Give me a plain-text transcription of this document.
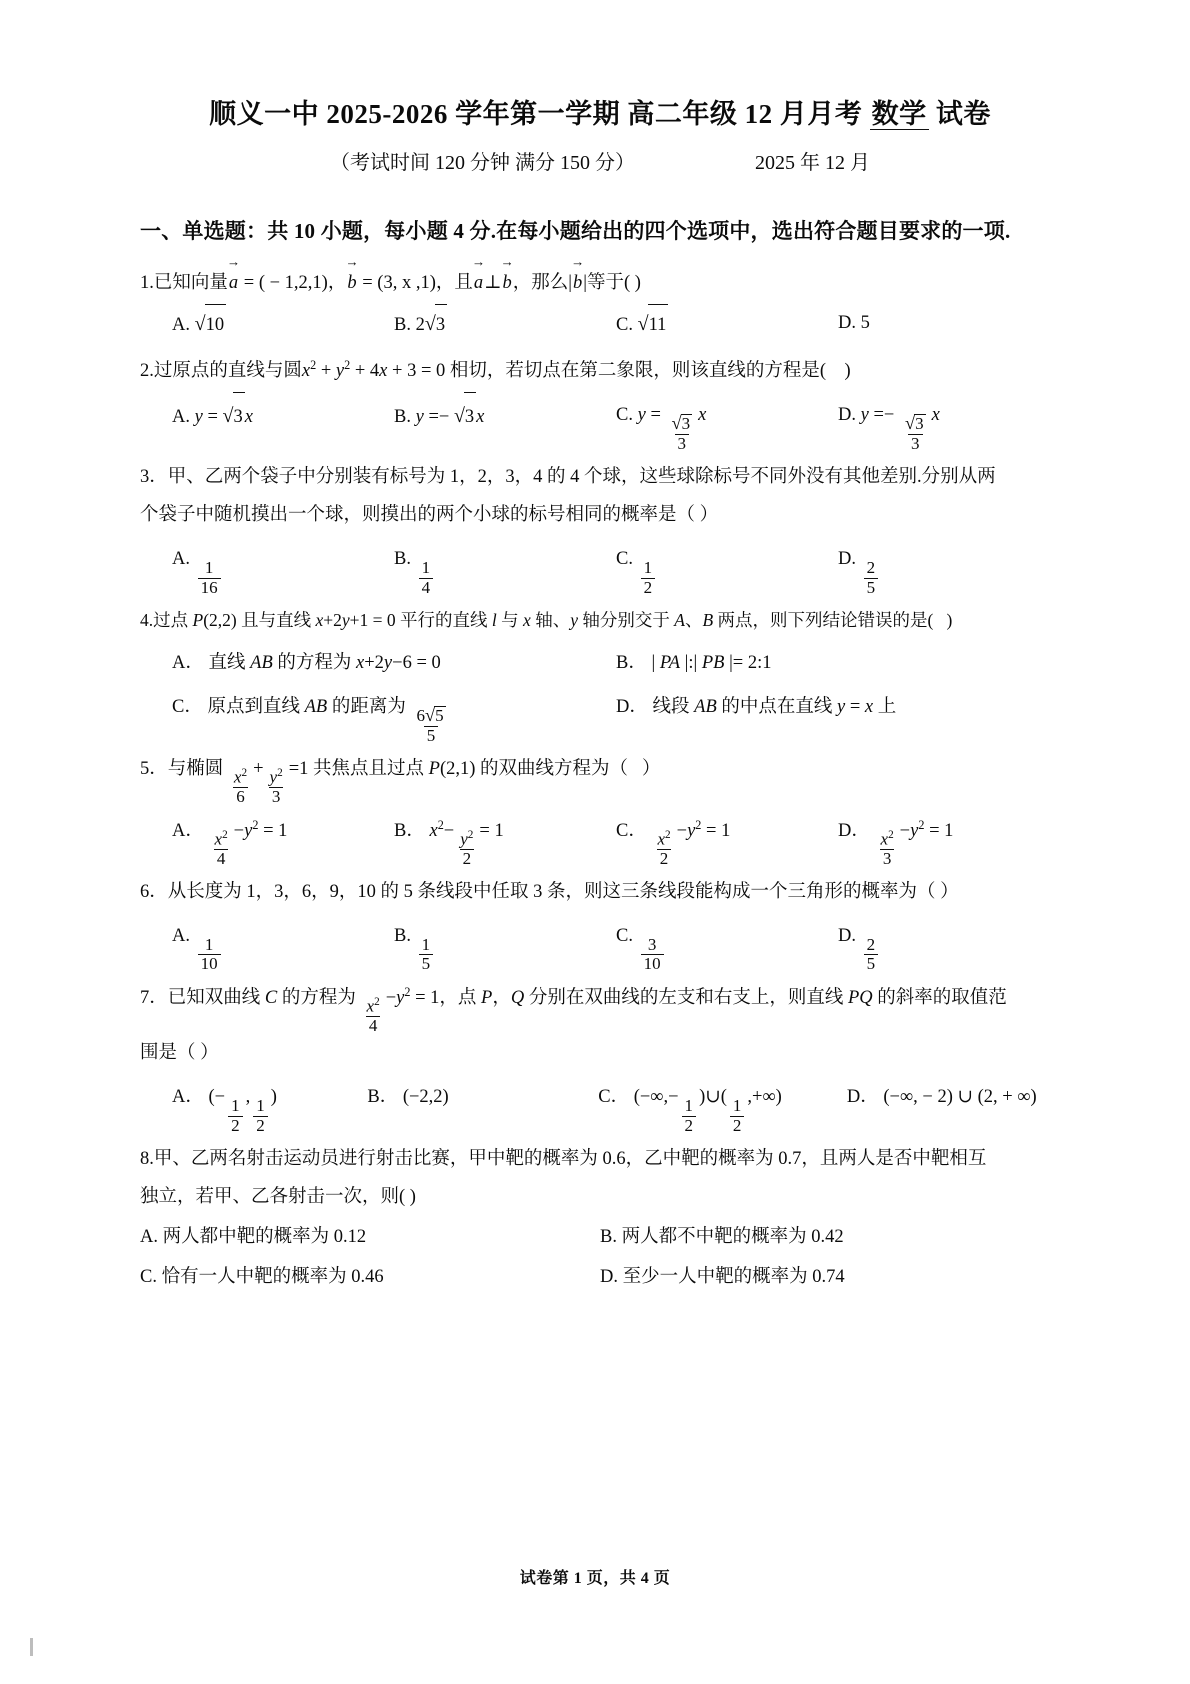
顺义一中 2025-2026 学年第一学期 高二年级 12 月月考 数学 试卷
（考试时间 120 分钟 满分 150 分）	2025 年 12 月
一、单选题：共 10 小题，每小题 4 分.在每小题给出的四个选项中，选出符合题目要求的一项.
1.已知向量a → = ( − 1,2,1)，b → = (3, x ,1)，且a →⊥b →，那么|b →|等于( )
A. √10	B. 2√3	C. √11	D. 5
2.过原点的直线与圆$x^2 + y^2 + 4x + 3 = 0$ 相切，若切点在第二象限，则该直线的方程是(    )
A. y = √3 x	B. y =− √3 x	C. $y = \frac{√3}{3}$ x	D. $y =- \frac{√3}{3}$ x
3．甲、乙两个袋子中分别装有标号为 1，2，3，4 的 4 个球，这些球除标号不同外没有其他差别.分别从两
个袋子中随机摸出一个球，则摸出的两个小球的标号相同的概率是（ ）
A. $\frac{1}{16}$	B. $\frac{1}{4}$	C. $\frac{1}{2}$	D. $\frac{2}{5}$
4.过点 P(2,2) 且与直线 x+2y+1 = 0 平行的直线 l 与 x 轴、y 轴分别交于 A、B 两点，则下列结论错误的是(   )
A． 直线 AB 的方程为 x+2y−6 = 0	B． | PA |:| PB |= 2:1
C． 原点到直线 AB 的距离为 $\frac{6√5}{5}$	D． 线段 AB 的中点在直线 y = x 上
5．与椭圆 $\frac{x^2}{6} + \frac{y^2}{3} =1$ 共焦点且过点 P(2,1) 的双曲线方程为（   ）
A． $\frac{x^2}{4} -y^2 = 1$	B． $x^2- \frac{y^2}{2} = 1$	C． $\frac{x^2}{2} -y^2 = 1$	D． $\frac{x^2}{3} -y^2 = 1$
6．从长度为 1，3，6，9，10 的 5 条线段中任取 3 条，则这三条线段能构成一个三角形的概率为（ ）
A. $\frac{1}{10}$	B. $\frac{1}{5}$	C. $\frac{3}{10}$	D. $\frac{2}{5}$
7．已知双曲线 C 的方程为 $\frac{x^2}{4} -y^2 = 1$，点 P，Q 分别在双曲线的左支和右支上，则直线 PQ 的斜率的取值范
围是（ ）
A． (− $\frac{1}{2}$ , $\frac{1}{2}$ )	B． (−2,2)	C． (−∞,− $\frac{1}{2}$ )∪( $\frac{1}{2}$ ,+∞)	D． (−∞, − 2) ∪ (2, + ∞)
8.甲、乙两名射击运动员进行射击比赛，甲中靶的概率为 0.6，乙中靶的概率为 0.7，且两人是否中靶相互
独立，若甲、乙各射击一次，则( )
A. 两人都中靶的概率为 0.12	B. 两人都不中靶的概率为 0.42
C. 恰有一人中靶的概率为 0.46	D. 至少一人中靶的概率为 0.74
试卷第 1 页，共 4 页
